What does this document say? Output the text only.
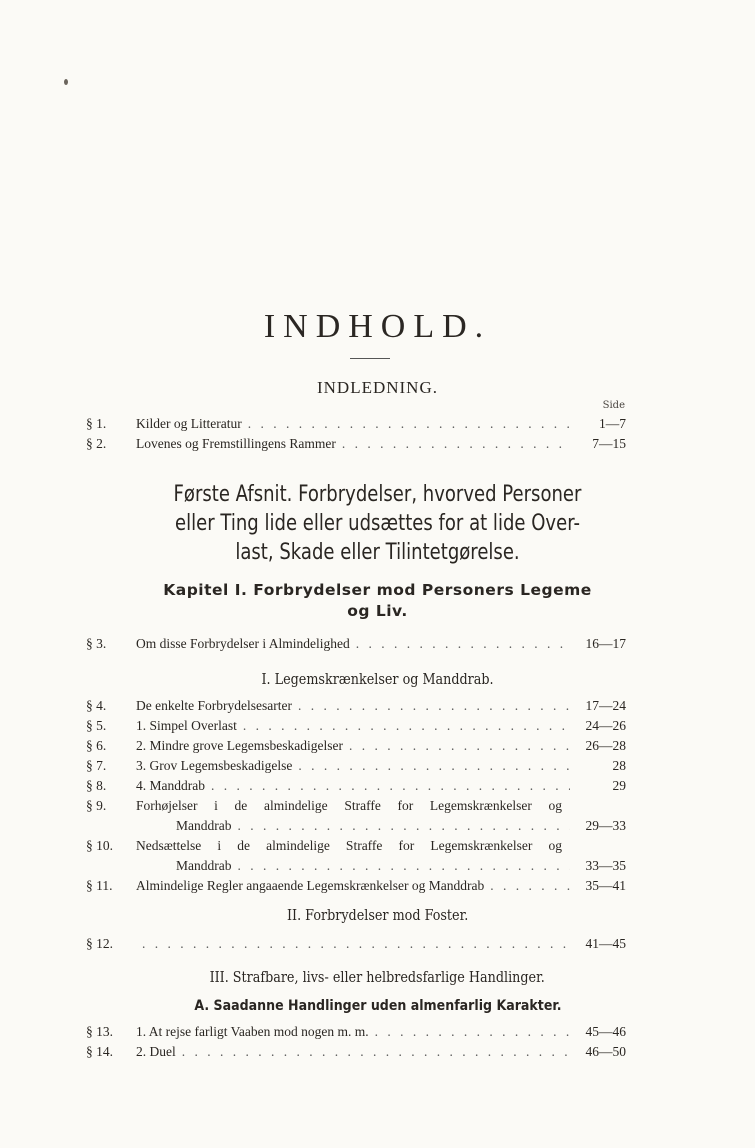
INDHOLD.
INDLEDNING.
Side
§ 1.	Kilder og Litteratur . . .	1—7
§ 2.	Lovenes og Fremstillingens Rammer . . .	7—15
Første Afsnit. Forbrydelser, hvorved Personer
eller Ting lide eller udsættes for at lide Over-
last, Skade eller Tilintetgørelse.
Kapitel I. Forbrydelser mod Personers Legeme
og Liv.
§ 3.	Om disse Forbrydelser i Almindelighed . . .	16—17
I. Legemskrænkelser og Manddrab.
§ 4.	De enkelte Forbrydelsesarter . . .	17—24
§ 5.	1. Simpel Overlast . . .	24—26
§ 6.	2. Mindre grove Legemsbeskadigelser . . .	26—28
§ 7.	3. Grov Legemsbeskadigelse . . .	28
§ 8.	4. Manddrab . . .	29
§ 9.	Forhøjelser i de almindelige Straffe for Legemskrænkelser og
Manddrab . . .	29—33
§ 10.	Nedsættelse i de almindelige Straffe for Legemskrænkelser og
Manddrab . . .	33—35
§ 11.	Almindelige Regler angaaende Legemskrænkelser og Manddrab . . .	35—41
II. Forbrydelser mod Foster.
§ 12. . . .	41—45
III. Strafbare, livs- eller helbredsfarlige Handlinger.
A. Saadanne Handlinger uden almenfarlig Karakter.
§ 13.	1. At rejse farligt Vaaben mod nogen m. m. . . .	45—46
§ 14.	2. Duel . . .	46—50
